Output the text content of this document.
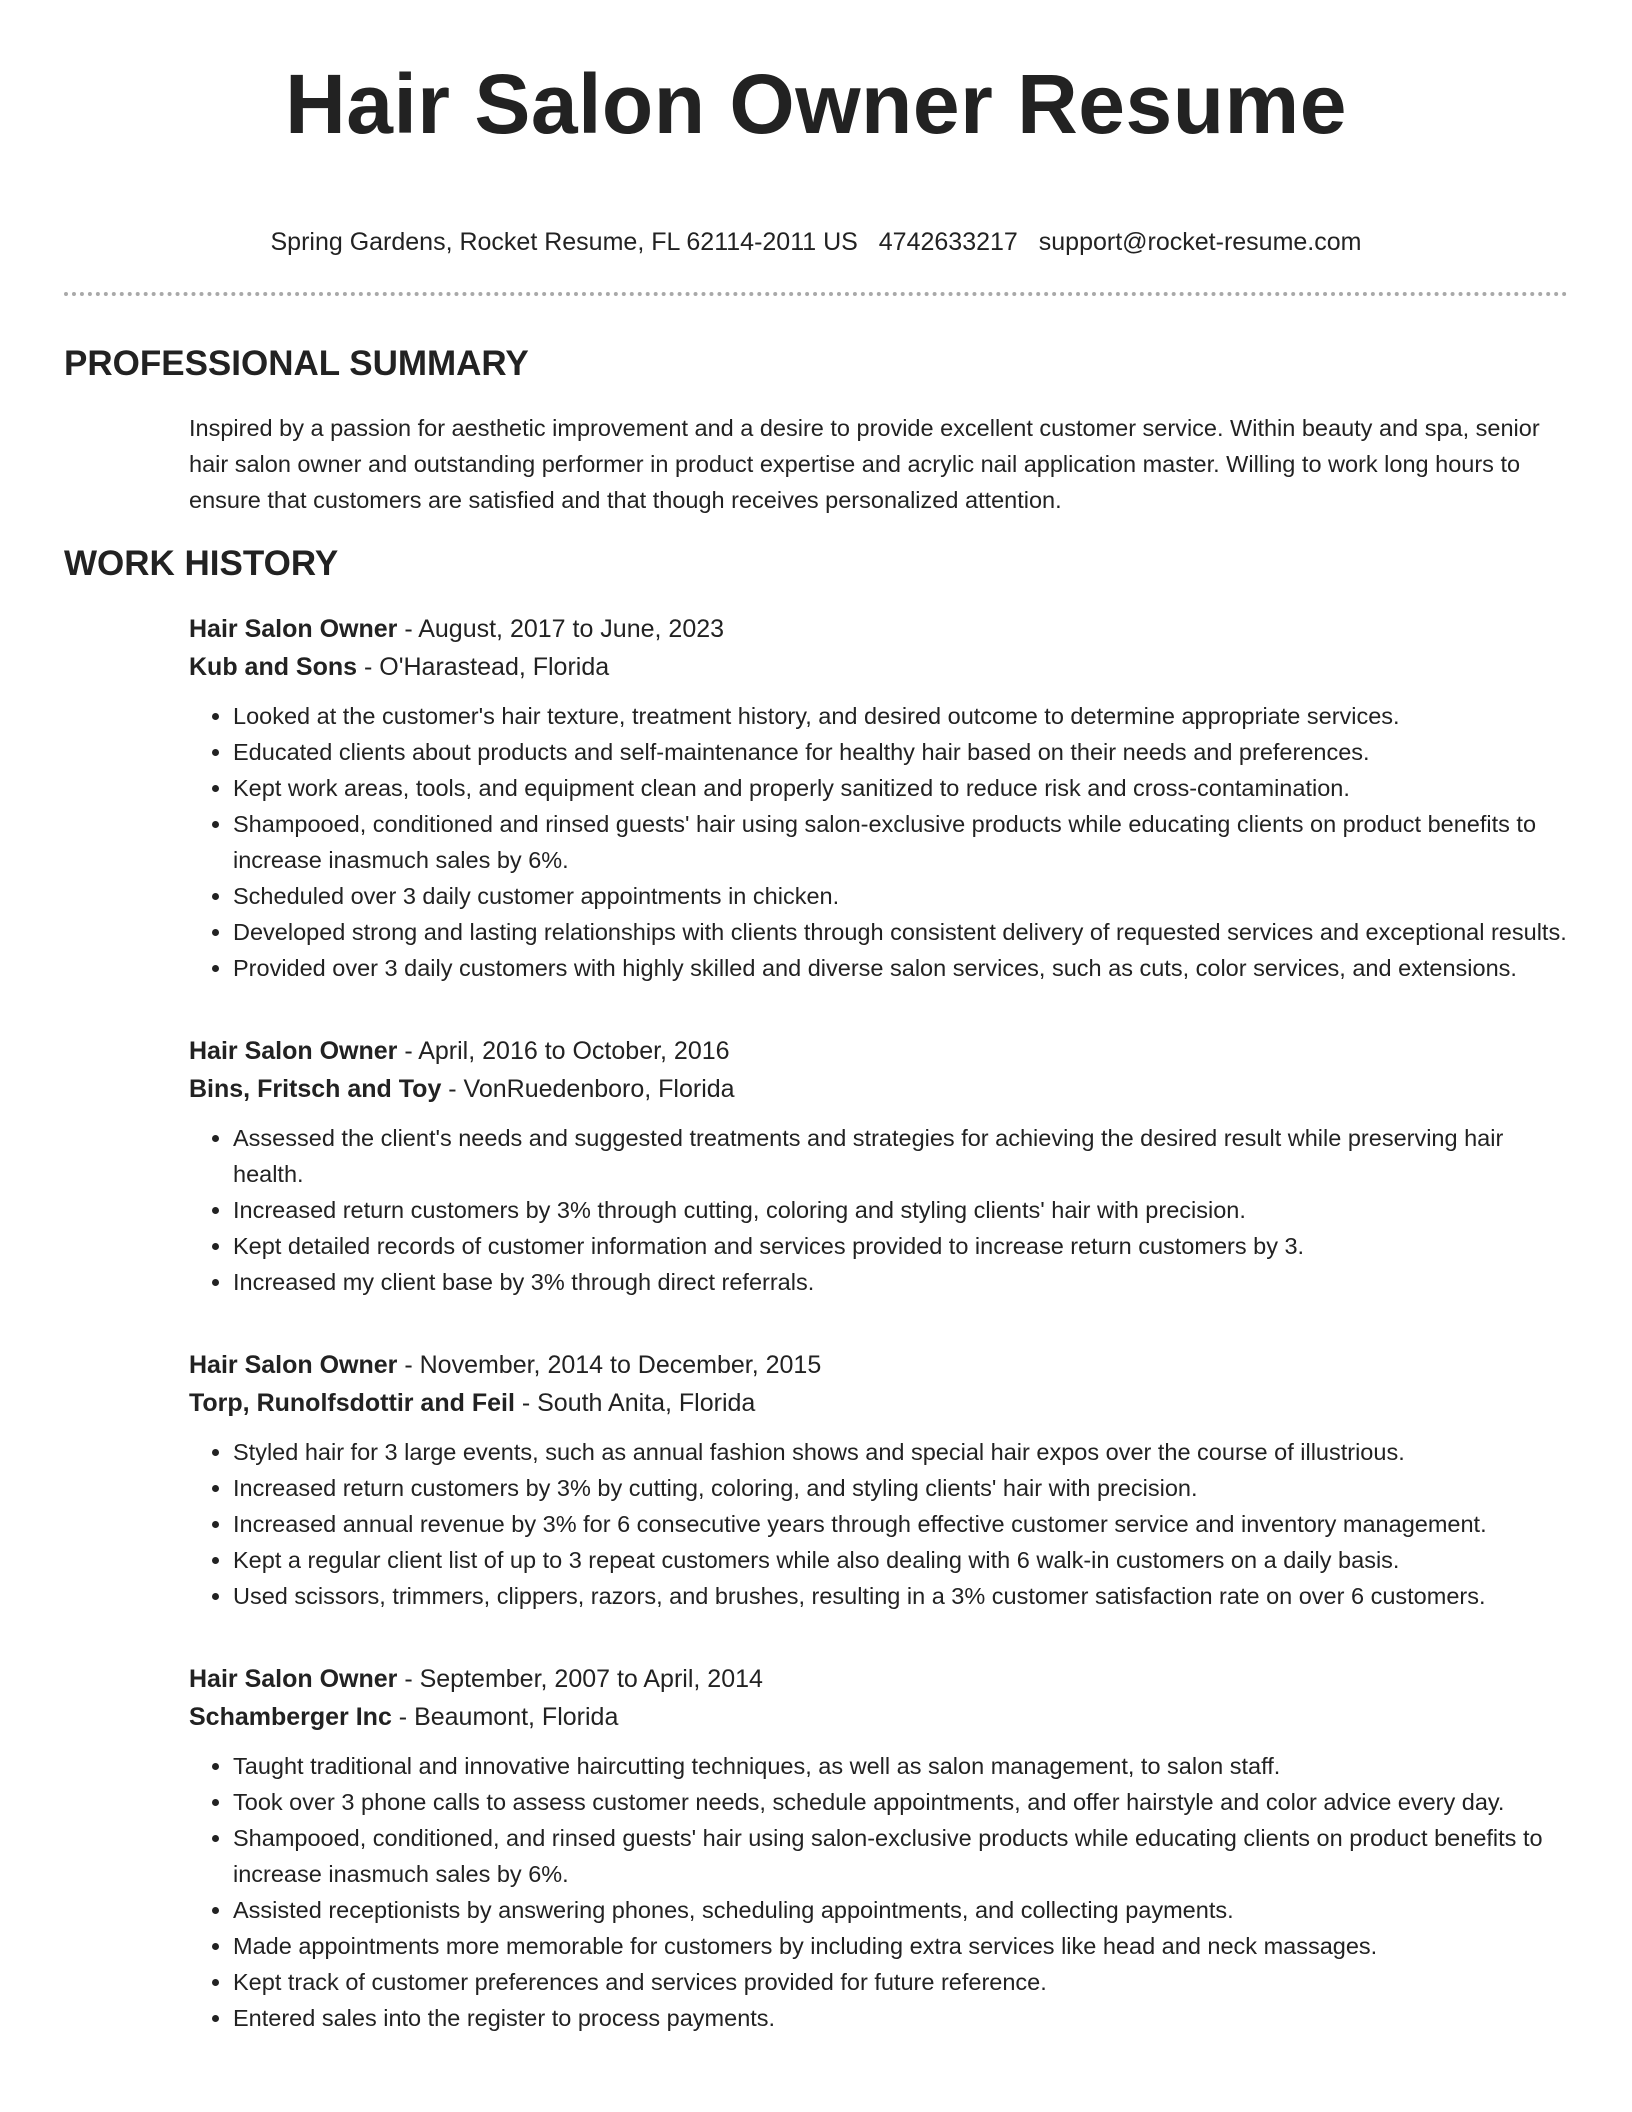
Hair Salon Owner Resume
Spring Gardens, Rocket Resume, FL 62114-2011 US 4742633217 support@rocket-resume.com
PROFESSIONAL SUMMARY

Inspired by a passion for aesthetic improvement and a desire to provide excellent customer service. Within beauty and spa, senior hair salon owner and outstanding performer in product expertise and acrylic nail application master. Willing to work long hours to ensure that customers are satisfied and that though receives personalized attention.

WORK HISTORY
Hair Salon Owner - August, 2017 to June, 2023
Kub and Sons - O'Harastead, Florida
• Looked at the customer's hair texture, treatment history, and desired outcome to determine appropriate services.
• Educated clients about products and self-maintenance for healthy hair based on their needs and preferences.
• Kept work areas, tools, and equipment clean and properly sanitized to reduce risk and cross-contamination.
• Shampooed, conditioned and rinsed guests' hair using salon-exclusive products while educating clients on product benefits to increase inasmuch sales by 6%.
• Scheduled over 3 daily customer appointments in chicken.
• Developed strong and lasting relationships with clients through consistent delivery of requested services and exceptional results.
• Provided over 3 daily customers with highly skilled and diverse salon services, such as cuts, color services, and extensions.
Hair Salon Owner - April, 2016 to October, 2016
Bins, Fritsch and Toy - VonRuedenboro, Florida
• Assessed the client's needs and suggested treatments and strategies for achieving the desired result while preserving hair health.
• Increased return customers by 3% through cutting, coloring and styling clients' hair with precision.
• Kept detailed records of customer information and services provided to increase return customers by 3.
• Increased my client base by 3% through direct referrals.
Hair Salon Owner - November, 2014 to December, 2015
Torp, Runolfsdottir and Feil - South Anita, Florida
• Styled hair for 3 large events, such as annual fashion shows and special hair expos over the course of illustrious.
• Increased return customers by 3% by cutting, coloring, and styling clients' hair with precision.
• Increased annual revenue by 3% for 6 consecutive years through effective customer service and inventory management.
• Kept a regular client list of up to 3 repeat customers while also dealing with 6 walk-in customers on a daily basis.
• Used scissors, trimmers, clippers, razors, and brushes, resulting in a 3% customer satisfaction rate on over 6 customers.
Hair Salon Owner - September, 2007 to April, 2014
Schamberger Inc - Beaumont, Florida
• Taught traditional and innovative haircutting techniques, as well as salon management, to salon staff.
• Took over 3 phone calls to assess customer needs, schedule appointments, and offer hairstyle and color advice every day.
• Shampooed, conditioned, and rinsed guests' hair using salon-exclusive products while educating clients on product benefits to increase inasmuch sales by 6%.
• Assisted receptionists by answering phones, scheduling appointments, and collecting payments.
• Made appointments more memorable for customers by including extra services like head and neck massages.
• Kept track of customer preferences and services provided for future reference.
• Entered sales into the register to process payments.
